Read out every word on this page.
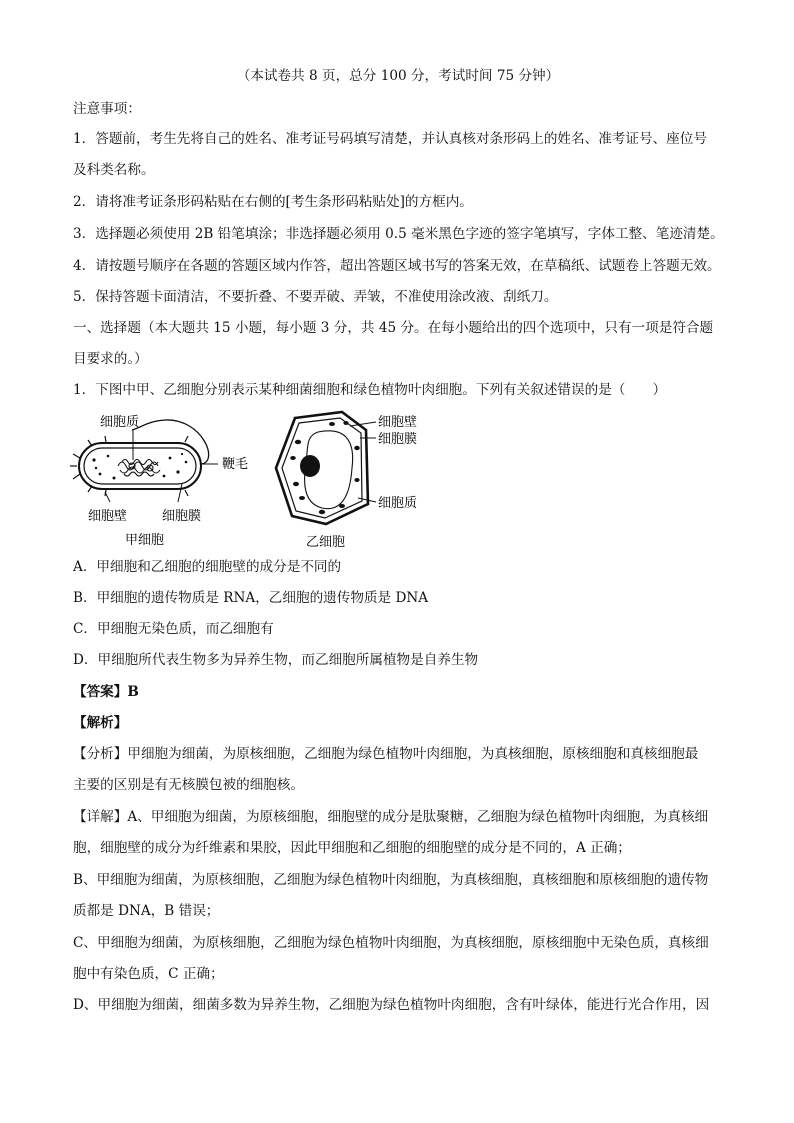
（本试卷共 8 页，总分 100 分，考试时间 75 分钟）
注意事项：
1．答题前，考生先将自己的姓名、准考证号码填写清楚，并认真核对条形码上的姓名、准考证号、座位号
及科类名称。
2．请将准考证条形码粘贴在右侧的[考生条形码粘贴处]的方框内。
3．选择题必须使用 2B 铅笔填涂；非选择题必须用 0.5 毫米黑色字迹的签字笔填写，字体工整、笔迹清楚。
4．请按题号顺序在各题的答题区域内作答，超出答题区域书写的答案无效，在草稿纸、试题卷上答题无效。
5．保持答题卡面清洁，不要折叠、不要弄破、弄皱，不准使用涂改液、刮纸刀。
一、选择题（本大题共 15 小题，每小题 3 分，共 45 分。在每小题给出的四个选项中，只有一项是符合题
目要求的。）
1．下图中甲、乙细胞分别表示某种细菌细胞和绿色植物叶肉细胞。下列有关叙述错误的是（　　）
细胞质
鞭毛
细胞壁	细胞膜
甲细胞
细胞壁
细胞膜
细胞质
乙细胞
A．甲细胞和乙细胞的细胞壁的成分是不同的
B．甲细胞的遗传物质是 RNA，乙细胞的遗传物质是 DNA
C．甲细胞无染色质，而乙细胞有
D．甲细胞所代表生物多为异养生物，而乙细胞所属植物是自养生物
【答案】B
【解析】
【分析】甲细胞为细菌，为原核细胞，乙细胞为绿色植物叶肉细胞，为真核细胞，原核细胞和真核细胞最
主要的区别是有无核膜包被的细胞核。
【详解】A、甲细胞为细菌，为原核细胞，细胞壁的成分是肽聚糖，乙细胞为绿色植物叶肉细胞，为真核细
胞，细胞壁的成分为纤维素和果胶，因此甲细胞和乙细胞的细胞壁的成分是不同的，A 正确；
B、甲细胞为细菌，为原核细胞，乙细胞为绿色植物叶肉细胞，为真核细胞，真核细胞和原核细胞的遗传物
质都是 DNA，B 错误；
C、甲细胞为细菌，为原核细胞，乙细胞为绿色植物叶肉细胞，为真核细胞，原核细胞中无染色质，真核细
胞中有染色质，C 正确；
D、甲细胞为细菌，细菌多数为异养生物，乙细胞为绿色植物叶肉细胞，含有叶绿体，能进行光合作用，因
